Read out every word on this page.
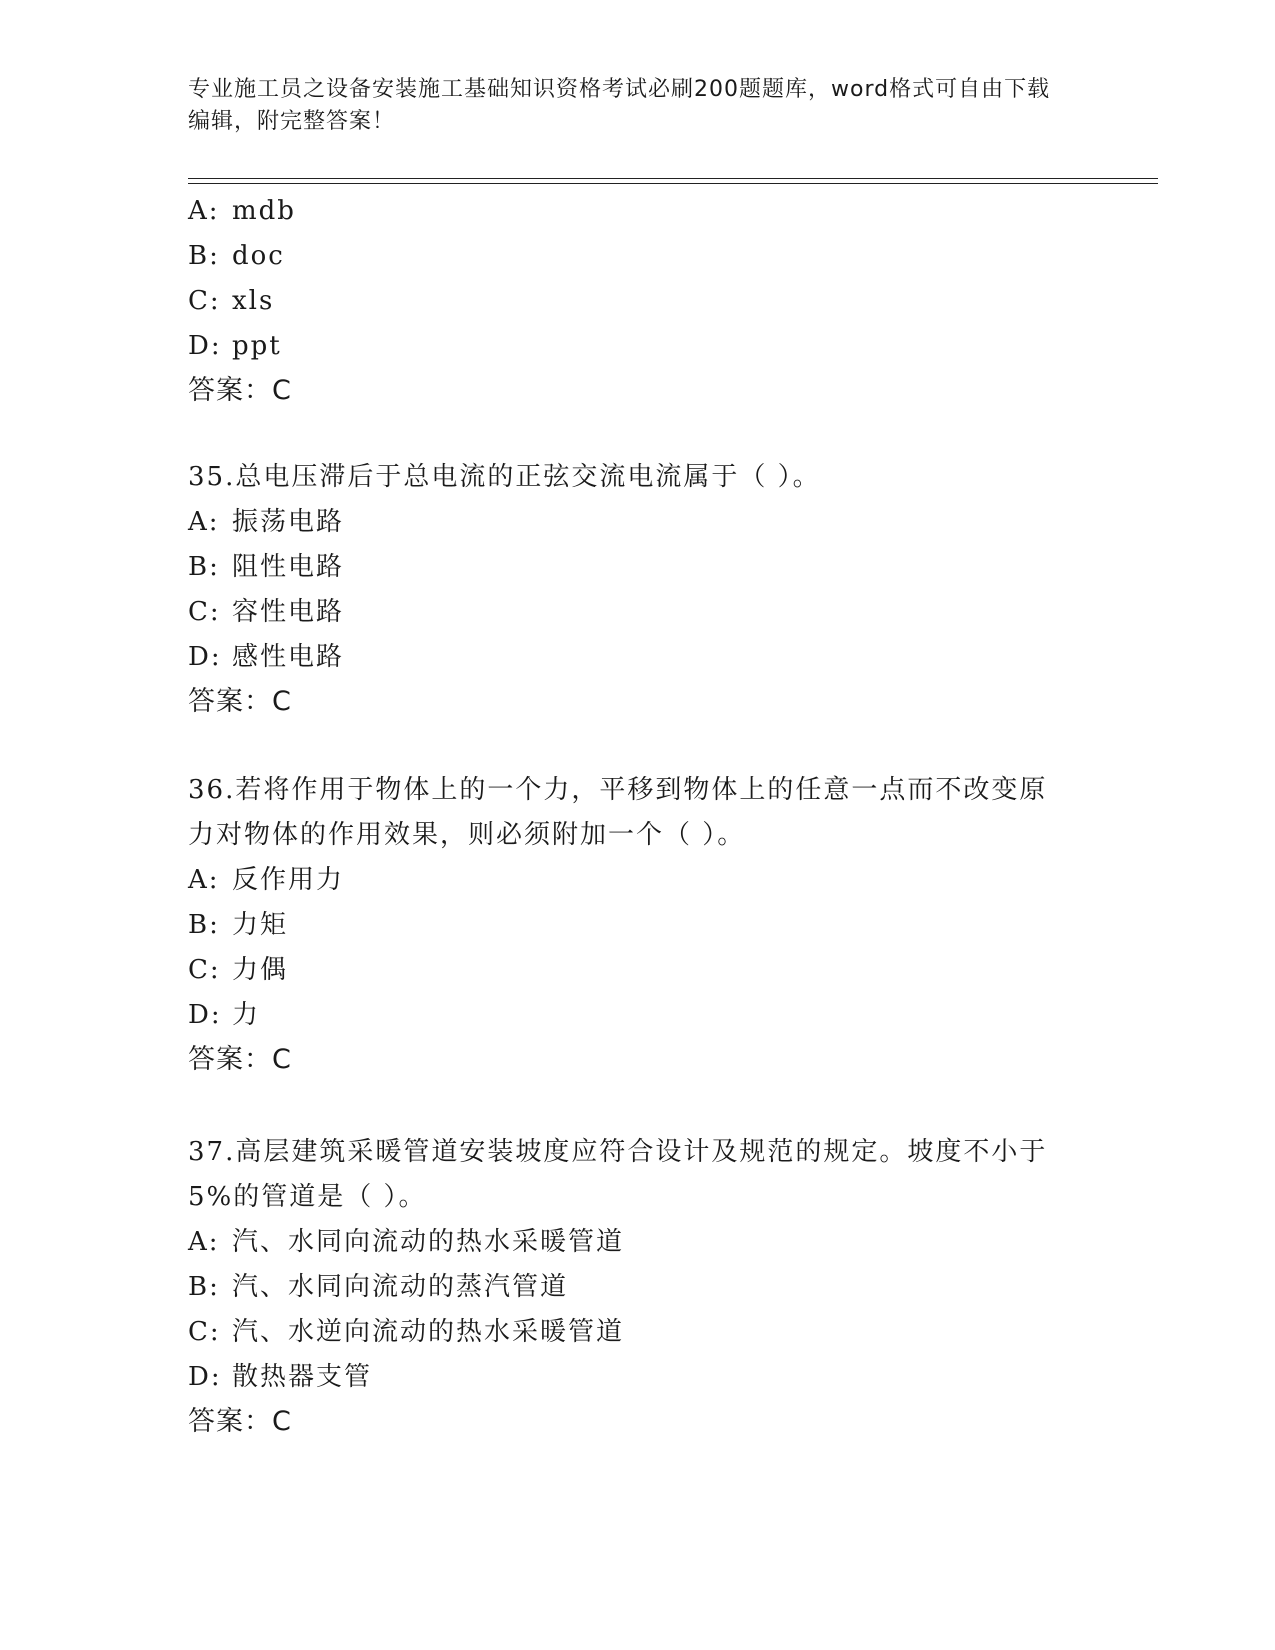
专业施工员之设备安装施工基础知识资格考试必刷200题题库，word格式可自由下载编辑，附完整答案！
A: mdb
B: doc
C: xls
D: ppt
答案：C
35.总电压滞后于总电流的正弦交流电流属于（ ）。
A: 振荡电路
B: 阻性电路
C: 容性电路
D: 感性电路
答案：C
36.若将作用于物体上的一个力，平移到物体上的任意一点而不改变原
力对物体的作用效果，则必须附加一个（ ）。
A: 反作用力
B: 力矩
C: 力偶
D: 力
答案：C
37.高层建筑采暖管道安装坡度应符合设计及规范的规定。坡度不小于
5%的管道是（ ）。
A: 汽、水同向流动的热水采暖管道
B: 汽、水同向流动的蒸汽管道
C: 汽、水逆向流动的热水采暖管道
D: 散热器支管
答案：C
